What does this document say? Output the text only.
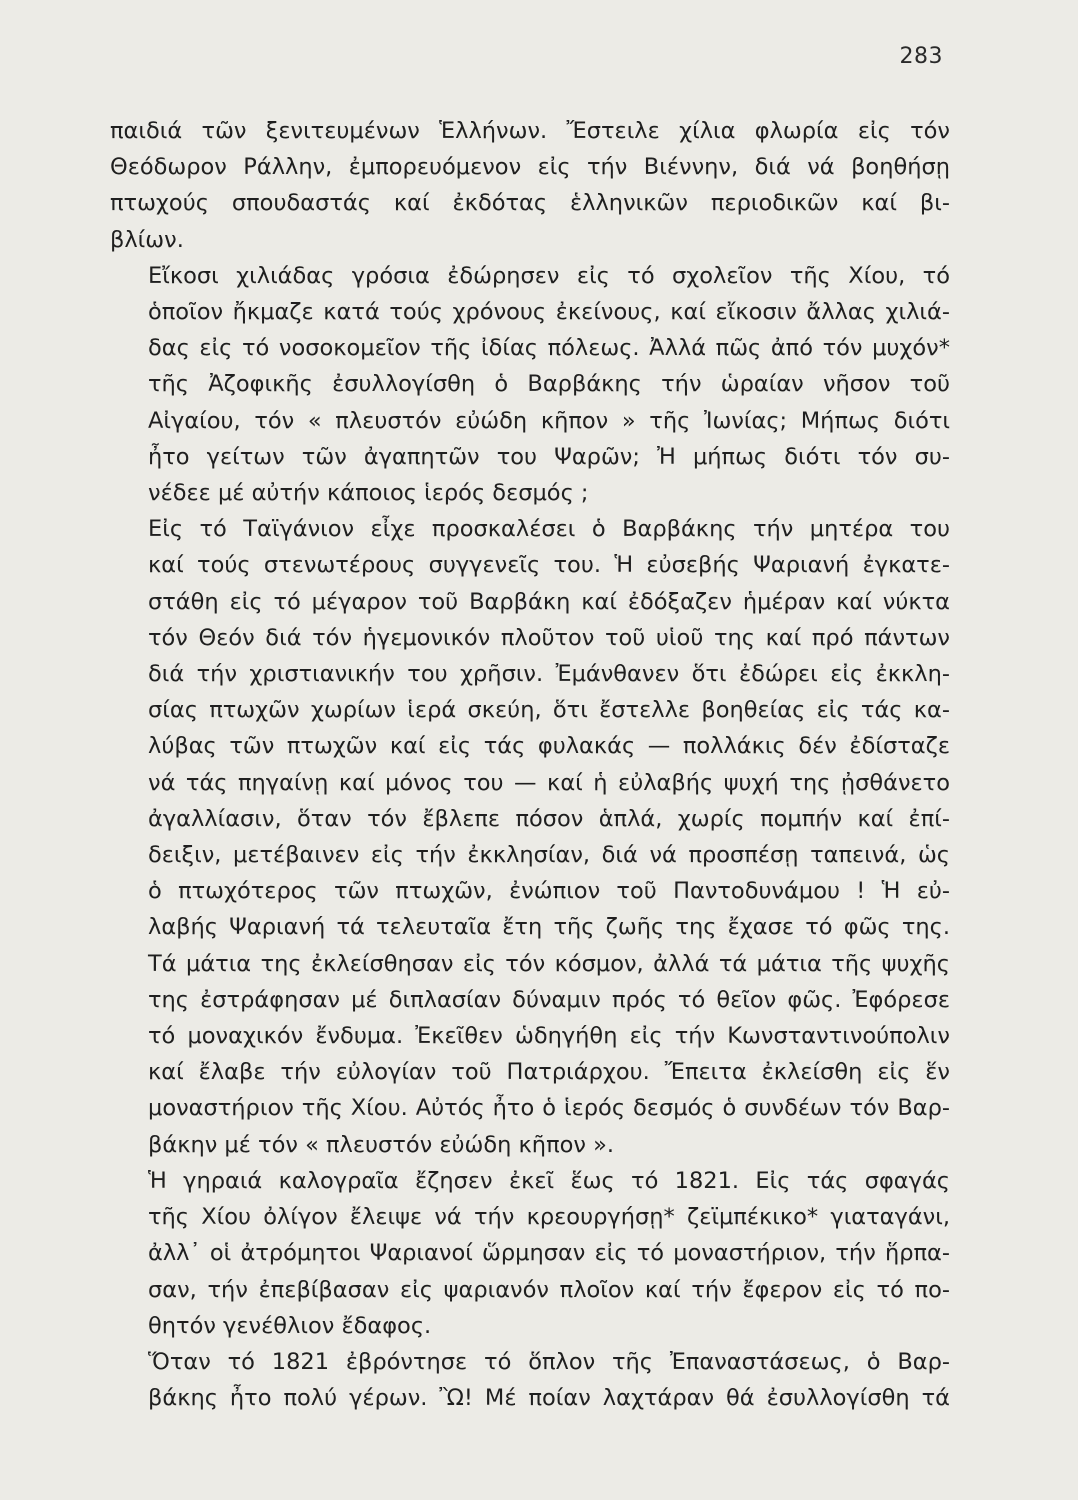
283
παιδιά τῶν ξενιτευμένων Ἑλλήνων. Ἔστειλε χίλια φλωρία εἰς τόν
Θεόδωρον Ράλλην, ἐμπορευόμενον εἰς τήν Βιέννην, διά νά βοηθήσῃ
πτωχούς σπουδαστάς καί ἐκδότας ἑλληνικῶν περιοδικῶν καί βι-
βλίων.
Εἴκοσι χιλιάδας γρόσια ἐδώρησεν εἰς τό σχολεῖον τῆς Χίου, τό
ὁποῖον ἤκμαζε κατά τούς χρόνους ἐκείνους, καί εἴκοσιν ἄλλας χιλιά-
δας εἰς τό νοσοκομεῖον τῆς ἰδίας πόλεως. Ἀλλά πῶς ἀπό τόν μυχόν*
τῆς Ἀζοφικῆς ἐσυλλογίσθη ὁ Βαρβάκης τήν ὡραίαν νῆσον τοῦ
Αἰγαίου, τόν « πλευστόν εὐώδη κῆπον » τῆς Ἰωνίας; Μήπως διότι
ἦτο γείτων τῶν ἀγαπητῶν του Ψαρῶν; Ἠ μήπως διότι τόν συ-
νέδεε μέ αὐτήν κάποιος ἱερός δεσμός ;
Εἰς τό Ταϊγάνιον εἶχε προσκαλέσει ὁ Βαρβάκης τήν μητέρα του
καί τούς στενωτέρους συγγενεῖς του. Ἡ εὐσεβής Ψαριανή ἐγκατε-
στάθη εἰς τό μέγαρον τοῦ Βαρβάκη καί ἐδόξαζεν ἡμέραν καί νύκτα
τόν Θεόν διά τόν ἡγεμονικόν πλοῦτον τοῦ υἱοῦ της καί πρό πάντων
διά τήν χριστιανικήν του χρῆσιν. Ἐμάνθανεν ὅτι ἐδώρει εἰς ἐκκλη-
σίας πτωχῶν χωρίων ἱερά σκεύη, ὅτι ἔστελλε βοηθείας εἰς τάς κα-
λύβας τῶν πτωχῶν καί εἰς τάς φυλακάς — πολλάκις δέν ἐδίσταζε
νά τάς πηγαίνῃ καί μόνος του — καί ἡ εὐλαβής ψυχή της ᾐσθάνετο
ἀγαλλίασιν, ὅταν τόν ἔβλεπε πόσον ἁπλά, χωρίς πομπήν καί ἐπί-
δειξιν, μετέβαινεν εἰς τήν ἐκκλησίαν, διά νά προσπέσῃ ταπεινά, ὡς
ὁ πτωχότερος τῶν πτωχῶν, ἐνώπιον τοῦ Παντοδυνάμου ! Ἡ εὐ-
λαβής Ψαριανή τά τελευταῖα ἔτη τῆς ζωῆς της ἔχασε τό φῶς της.
Τά μάτια της ἐκλείσθησαν εἰς τόν κόσμον, ἀλλά τά μάτια τῆς ψυχῆς
της ἐστράφησαν μέ διπλασίαν δύναμιν πρός τό θεῖον φῶς. Ἐφόρεσε
τό μοναχικόν ἔνδυμα. Ἐκεῖθεν ὡδηγήθη εἰς τήν Κωνσταντινούπολιν
καί ἔλαβε τήν εὐλογίαν τοῦ Πατριάρχου. Ἔπειτα ἐκλείσθη εἰς ἕν
μοναστήριον τῆς Χίου. Αὐτός ἦτο ὁ ἱερός δεσμός ὁ συνδέων τόν Βαρ-
βάκην μέ τόν « πλευστόν εὐώδη κῆπον ».
Ἡ γηραιά καλογραῖα ἔζησεν ἐκεῖ ἕως τό 1821. Εἰς τάς σφαγάς
τῆς Χίου ὀλίγον ἔλειψε νά τήν κρεουργήσῃ* ζεϊμπέκικο* γιαταγάνι,
ἀλλ᾽ οἱ ἀτρόμητοι Ψαριανοί ὥρμησαν εἰς τό μοναστήριον, τήν ἥρπα-
σαν, τήν ἐπεβίβασαν εἰς ψαριανόν πλοῖον καί τήν ἔφερον εἰς τό πο-
θητόν γενέθλιον ἔδαφος.
Ὅταν τό 1821 ἐβρόντησε τό ὅπλον τῆς Ἐπαναστάσεως, ὁ Βαρ-
βάκης ἦτο πολύ γέρων. Ὢ! Μέ ποίαν λαχτάραν θά ἐσυλλογίσθη τά
